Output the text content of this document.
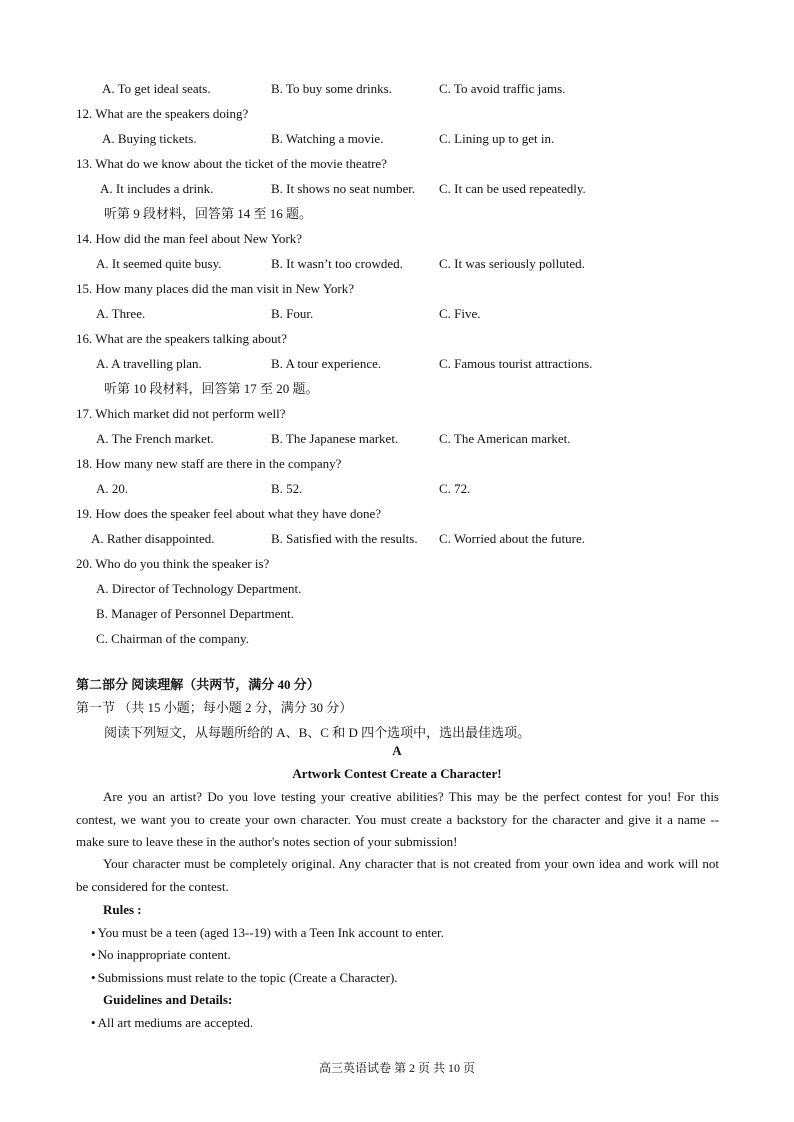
A. To get ideal seats.	B. To buy some drinks.	C. To avoid traffic jams.
12. What are the speakers doing?
A. Buying tickets.	B. Watching a movie.	C. Lining up to get in.
13. What do we know about the ticket of the movie theatre?
A. It includes a drink.	B. It shows no seat number. C. It can be used repeatedly.
听第 9 段材料，回答第 14 至 16 题。
14. How did the man feel about New York?
A. It seemed quite busy.	B. It wasn’t too crowded.	C. It was seriously polluted.
15. How many places did the man visit in New York?
A. Three.	B. Four.	C. Five.
16. What are the speakers talking about?
A. A travelling plan.	B. A tour experience.	C. Famous tourist attractions.
听第 10 段材料，回答第 17 至 20 题。
17. Which market did not perform well?
A. The French market.	B. The Japanese market.	C. The American market.
18. How many new staff are there in the company?
A. 20.	B. 52.	C. 72.
19. How does the speaker feel about what they have done?
A. Rather disappointed.	B. Satisfied with the results. C. Worried about the future.
20. Who do you think the speaker is?
A. Director of Technology Department.
B. Manager of Personnel Department.
C. Chairman of the company.
第二部分 阅读理解（共两节，满分 40 分）
第一节 （共 15 小题；每小题 2 分，满分 30 分）
阅读下列短文，从每题所给的 A、B、C 和 D 四个选项中，选出最佳选项。
A
Artwork Contest Create a Character!
Are you an artist? Do you love testing your creative abilities? This may be the perfect contest for you! For this contest, we want you to create your own character. You must create a backstory for the character and give it a name -- make sure to leave these in the author's notes section of your submission!
Your character must be completely original. Any character that is not created from your own idea and work will not be considered for the contest.
Rules :
• You must be a teen (aged 13--19) with a Teen Ink account to enter.
• No inappropriate content.
• Submissions must relate to the topic (Create a Character).
Guidelines and Details:
• All art mediums are accepted.
高三英语试卷 第 2 页 共 10 页
